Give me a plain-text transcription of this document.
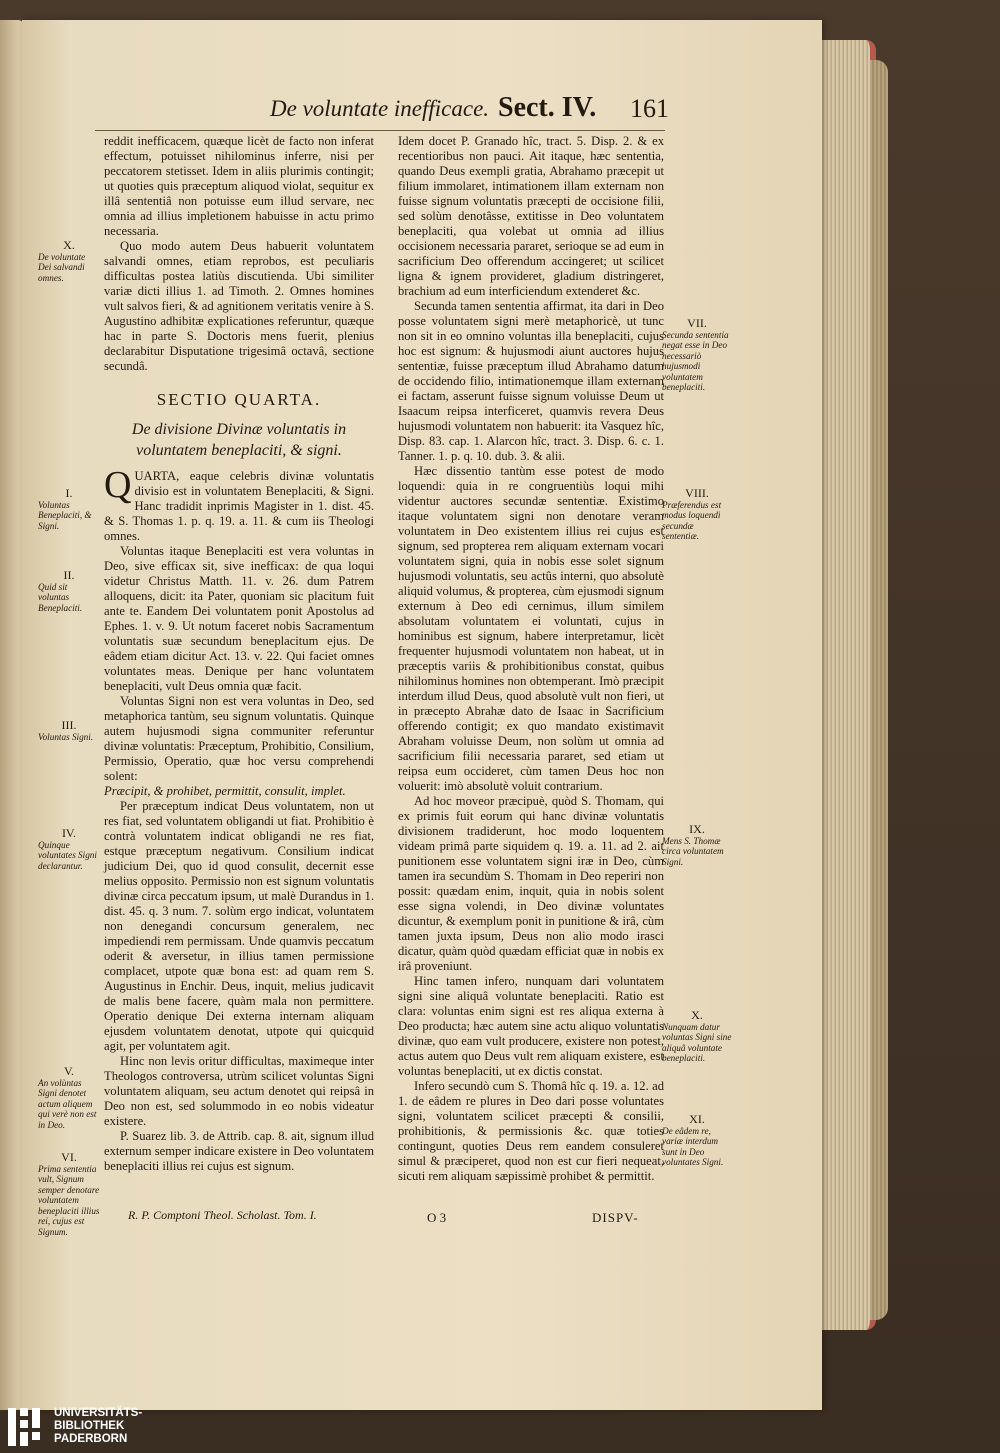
De voluntate inefficace. Sect. IV. 161

reddit inefficacem, quæque licèt de facto non inferat effectum, potuisset nihilominus inferre, nisi per peccatorem stetisset. Idem in aliis plurimis contingit; ut quoties quis præceptum aliquod violat, sequitur ex illâ sententiâ non potuisse eum illud servare, nec omnia ad illius impletionem habuisse in actu primo necessaria.

Quo modo autem Deus habuerit voluntatem salvandi omnes, etiam reprobos, est peculiaris difficultas postea latiùs discutienda. Ubi similiter variæ dicti illius 1. ad Timoth. 2. Omnes homines vult salvos fieri, & ad agnitionem veritatis venire à S. Augustino adhibitæ explicationes referuntur, quæque hac in parte S. Doctoris mens fuerit, plenius declarabitur Disputatione trigesimâ octavâ, sectione secundâ.

SECTIO QUARTA.

De divisione Divinæ voluntatis in voluntatem beneplaciti, & signi.

QUARTA, eaque celebris divinæ voluntatis divisio est in voluntatem Beneplaciti, & Signi. Hanc tradidit inprimis Magister in 1. dist. 45. & S. Thomas 1. p. q. 19. a. 11. & cum iis Theologi omnes.

Voluntas itaque Beneplaciti est vera voluntas in Deo, sive efficax sit, sive inefficax: de qua loqui videtur Christus Matth. 11. v. 26. dum Patrem alloquens, dicit: ita Pater, quoniam sic placitum fuit ante te. Eandem Dei voluntatem ponit Apostolus ad Ephes. 1. v. 9. Ut notum faceret nobis Sacramentum voluntatis suæ secundum beneplacitum ejus. De eâdem etiam dicitur Act. 13. v. 22. Qui faciet omnes voluntates meas. Denique per hanc voluntatem beneplaciti, vult Deus omnia quæ facit.

Voluntas Signi non est vera voluntas in Deo, sed metaphorica tantùm, seu signum voluntatis. Quinque autem hujusmodi signa communiter referuntur divinæ voluntatis: Præceptum, Prohibitio, Consilium, Permissio, Operatio, quæ hoc versu comprehendi solent:

Præcipit, & prohibet, permittit, consulit, implet.

Per præceptum indicat Deus voluntatem, non ut res fiat, sed voluntatem obligandi ut fiat. Prohibitio è contrà voluntatem indicat obligandi ne res fiat, estque præceptum negativum. Consilium indicat judicium Dei, quo id quod consulit, decernit esse melius opposito. Permissio non est signum voluntatis divinæ circa peccatum ipsum, ut malè Durandus in 1. dist. 45. q. 3 num. 7. solùm ergo indicat, voluntatem non denegandi concursum generalem, nec impediendi rem permissam. Unde quamvis peccatum oderit & aversetur, in illius tamen permissione complacet, utpote quæ bona est: ad quam rem S. Augustinus in Enchir. Deus, inquit, melius judicavit de malis bene facere, quàm mala non permittere. Operatio denique Dei externa internam aliquam ejusdem voluntatem denotat, utpote qui quicquid agit, per voluntatem agit.

Hinc non levis oritur difficultas, maximeque inter Theologos controversa, utrùm scilicet voluntas Signi voluntatem aliquam, seu actum denotet qui reipsâ in Deo non est, sed solummodo in eo nobis videatur existere.

P. Suarez lib. 3. de Attrib. cap. 8. ait, signum illud externum semper indicare existere in Deo voluntatem beneplaciti illius rei cujus est signum.

Idem docet P. Granado hîc, tract. 5. Disp. 2. & ex recentioribus non pauci. Ait itaque, hæc sententia, quando Deus exempli gratia, Abrahamo præcepit ut filium immolaret, intimationem illam externam non fuisse signum voluntatis præcepti de occisione filii, sed solùm denotâsse, extitisse in Deo voluntatem beneplaciti, qua volebat ut omnia ad illius occisionem necessaria pararet, serioque se ad eum in sacrificium Deo offerendum accingeret; ut scilicet ligna & ignem provideret, gladium distringeret, brachium ad eum interficiendum extenderet &c.

Secunda tamen sententia affirmat, ita dari in Deo posse voluntatem signi merè metaphoricè, ut tunc non sit in eo omnino voluntas illa beneplaciti, cujus hoc est signum: & hujusmodi aiunt auctores hujus sententiæ, fuisse præceptum illud Abrahamo datum de occidendo filio, intimationemque illam externam ei factam, asserunt fuisse signum voluisse Deum ut Isaacum reipsa interficeret, quamvis revera Deus hujusmodi voluntatem non habuerit: ita Vasquez hîc, Disp. 83. cap. 1. Alarcon hîc, tract. 3. Disp. 6. c. 1. Tanner. 1. p. q. 10. dub. 3. & alii.

Hæc dissentio tantùm esse potest de modo loquendi: quia in re congruentiùs loqui mihi videntur auctores secundæ sententiæ. Existimo itaque voluntatem signi non denotare veram voluntatem in Deo existentem illius rei cujus est signum, sed propterea rem aliquam externam vocari voluntatem signi, quia in nobis esse solet signum hujusmodi voluntatis, seu actûs interni, quo absolutè aliquid volumus, & propterea, cùm ejusmodi signum externum à Deo edi cernimus, illum similem absolutam voluntatem ei voluntati, cujus in hominibus est signum, habere interpretamur, licèt frequenter hujusmodi voluntatem non habeat, ut in præceptis variis & prohibitionibus constat, quibus nihilominus homines non obtemperant. Imò præcipit interdum illud Deus, quod absolutè vult non fieri, ut in præcepto Abrahæ dato de Isaac in Sacrificium offerendo contigit; ex quo mandato existimavit Abraham voluisse Deum, non solùm ut omnia ad sacrificium filii necessaria pararet, sed etiam ut reipsa eum occideret, cùm tamen Deus hoc non voluerit: imò absolutè voluit contrarium.

Ad hoc moveor præcipuè, quòd S. Thomam, qui ex primis fuit eorum qui hanc divinæ voluntatis divisionem tradiderunt, hoc modo loquentem videam primâ parte siquidem q. 19. a. 11. ad 2. ait punitionem esse voluntatem signi iræ in Deo, cùm tamen ira secundùm S. Thomam in Deo reperiri non possit: quædam enim, inquit, quia in nobis solent esse signa volendi, in Deo divinæ voluntates dicuntur, & exemplum ponit in punitione & irâ, cùm tamen juxta ipsum, Deus non alio modo irasci dicatur, quàm quòd quædam efficiat quæ in nobis ex irâ proveniunt.

Hinc tamen infero, nunquam dari voluntatem signi sine aliquâ voluntate beneplaciti. Ratio est clara: voluntas enim signi est res aliqua externa à Deo producta; hæc autem sine actu aliquo voluntatis divinæ, quo eam vult producere, existere non potest, actus autem quo Deus vult rem aliquam existere, est voluntas beneplaciti, ut ex dictis constat.

Infero secundò cum S. Thomâ hîc q. 19. a. 12. ad 1. de eâdem re plures in Deo dari posse voluntates signi, voluntatem scilicet præcepti & consilii, prohibitionis, & permissionis &c. quæ toties contingunt, quoties Deus rem eandem consuleret simul & præciperet, quod non est cur fieri nequeat, sicuti rem aliquam sæpissimè prohibet & permittit.

X.
De voluntate Dei salvandi omnes.
I.
Voluntas Beneplaciti, & Signi.
II.
Quid sit voluntas Beneplaciti.
III.
Voluntas Signi.
IV.
Quinque voluntates Signi declarantur.
V.
An volùntas Signi denotet actum aliquem qui verè non est in Deo.
VI.
Prima sententia vult, Signum semper denotare voluntatem beneplaciti illius rei, cujus est Signum.
VII.
Secunda sententia negat esse in Deo necessariò hujusmodi voluntatem beneplaciti.
VIII.
Præferendus est modus loquendi secundæ sententiæ.
IX.
Mens S. Thomæ circa voluntatem Signi.
X.
Nunquam datur voluntas Signi sine aliquâ voluntate beneplaciti.
XI.
De eâdem re, variæ interdum sunt in Deo voluntates Signi.
R. P. Comptoni Theol. Scholast. Tom. I.	O 3	DISPV-
UNIVERSITÄTS-
BIBLIOTHEK
PADERBORN
